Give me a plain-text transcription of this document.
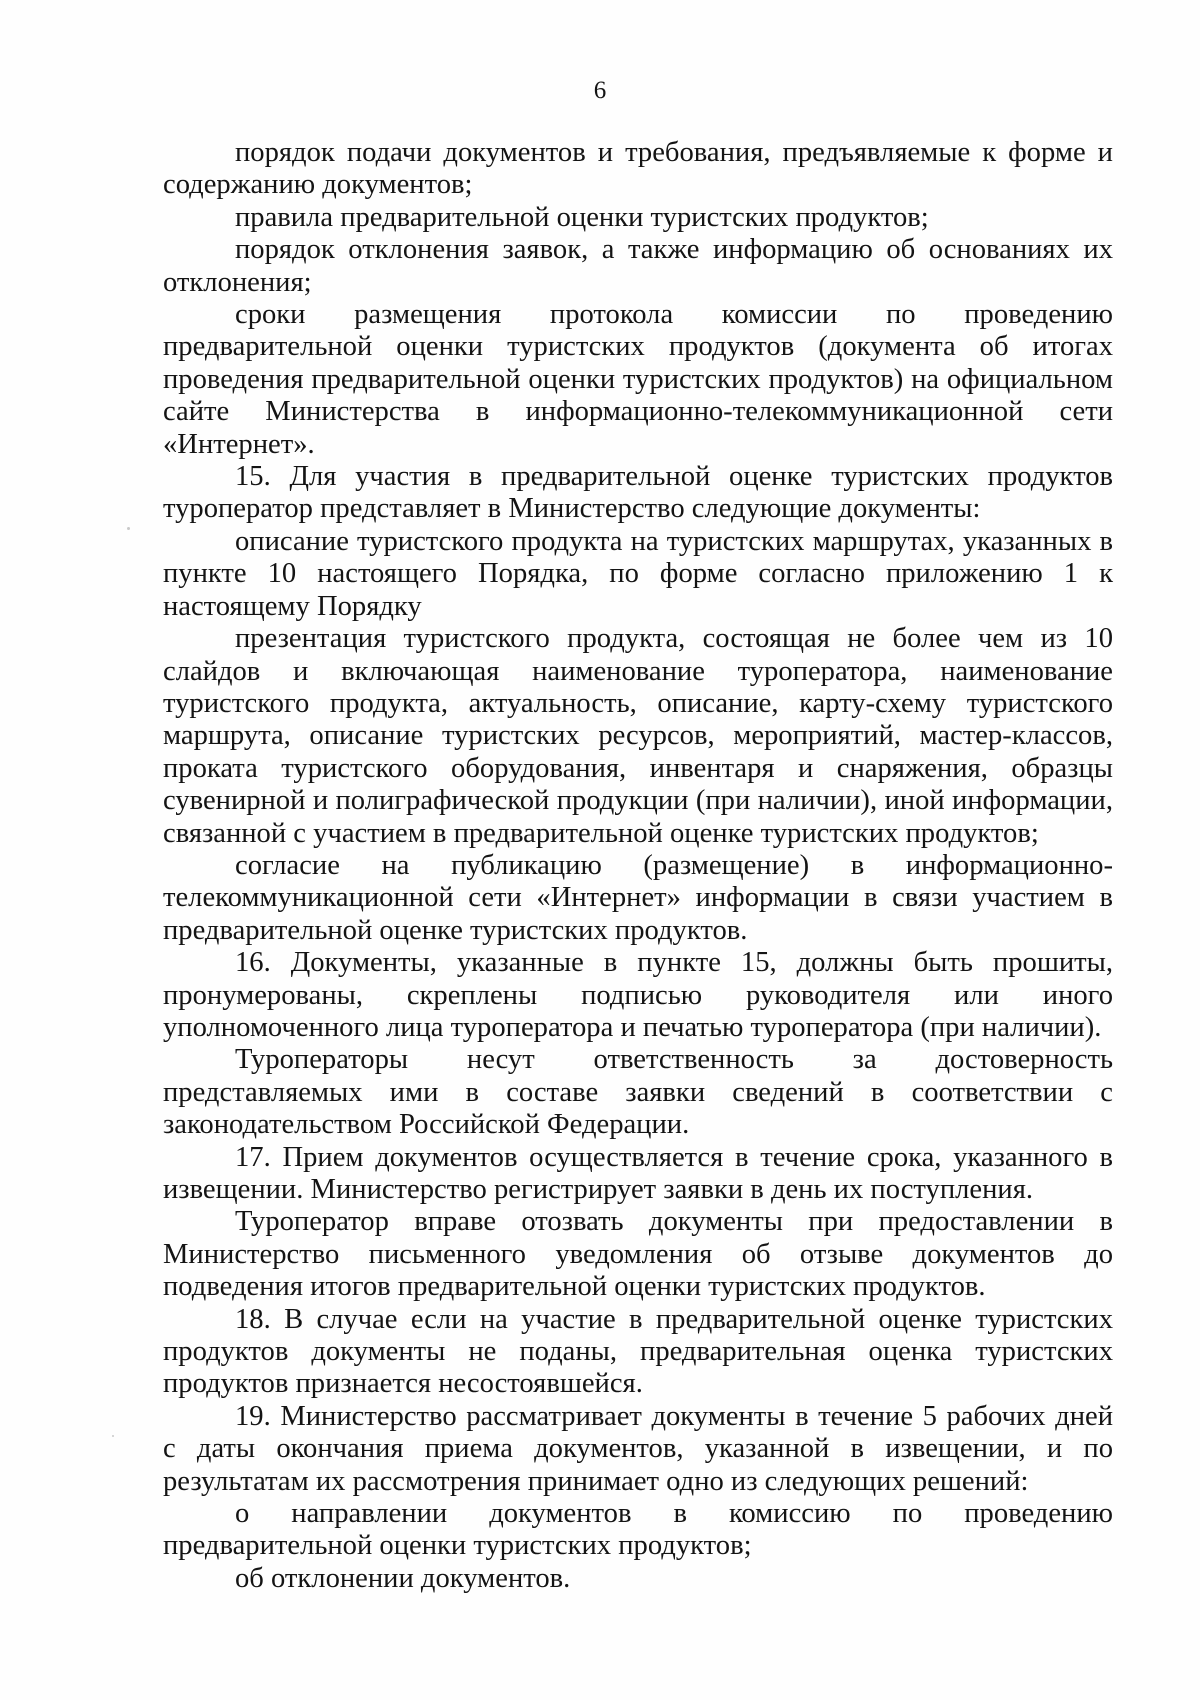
6

порядок подачи документов и требования, предъявляемые к форме и содержанию документов;

правила предварительной оценки туристских продуктов;

порядок отклонения заявок, а также информацию об основаниях их отклонения;

сроки размещения протокола комиссии по проведению предварительной оценки туристских продуктов (документа об итогах проведения предварительной оценки туристских продуктов) на официальном сайте Министерства в информационно-телекоммуникационной сети «Интернет».

15. Для участия в предварительной оценке туристских продуктов туроператор представляет в Министерство следующие документы:

описание туристского продукта на туристских маршрутах, указанных в пункте 10 настоящего Порядка, по форме согласно приложению 1 к настоящему Порядку

презентация туристского продукта, состоящая не более чем из 10 слайдов и включающая наименование туроператора, наименование туристского продукта, актуальность, описание, карту-схему туристского маршрута, описание туристских ресурсов, мероприятий, мастер-классов, проката туристского оборудования, инвентаря и снаряжения, образцы сувенирной и полиграфической продукции (при наличии), иной информации, связанной с участием в предварительной оценке туристских продуктов;

согласие на публикацию (размещение) в информационно-телекоммуникационной сети «Интернет» информации в связи участием в предварительной оценке туристских продуктов.

16. Документы, указанные в пункте 15, должны быть прошиты, пронумерованы, скреплены подписью руководителя или иного уполномоченного лица туроператора и печатью туроператора (при наличии).

Туроператоры несут ответственность за достоверность представляемых ими в составе заявки сведений в соответствии с законодательством Российской Федерации.

17. Прием документов осуществляется в течение срока, указанного в извещении. Министерство регистрирует заявки в день их поступления.

Туроператор вправе отозвать документы при предоставлении в Министерство письменного уведомления об отзыве документов до подведения итогов предварительной оценки туристских продуктов.

18. В случае если на участие в предварительной оценке туристских продуктов документы не поданы, предварительная оценка туристских продуктов признается несостоявшейся.

19. Министерство рассматривает документы в течение 5 рабочих дней с даты окончания приема документов, указанной в извещении, и по результатам их рассмотрения принимает одно из следующих решений:

о направлении документов в комиссию по проведению предварительной оценки туристских продуктов;

об отклонении документов.
